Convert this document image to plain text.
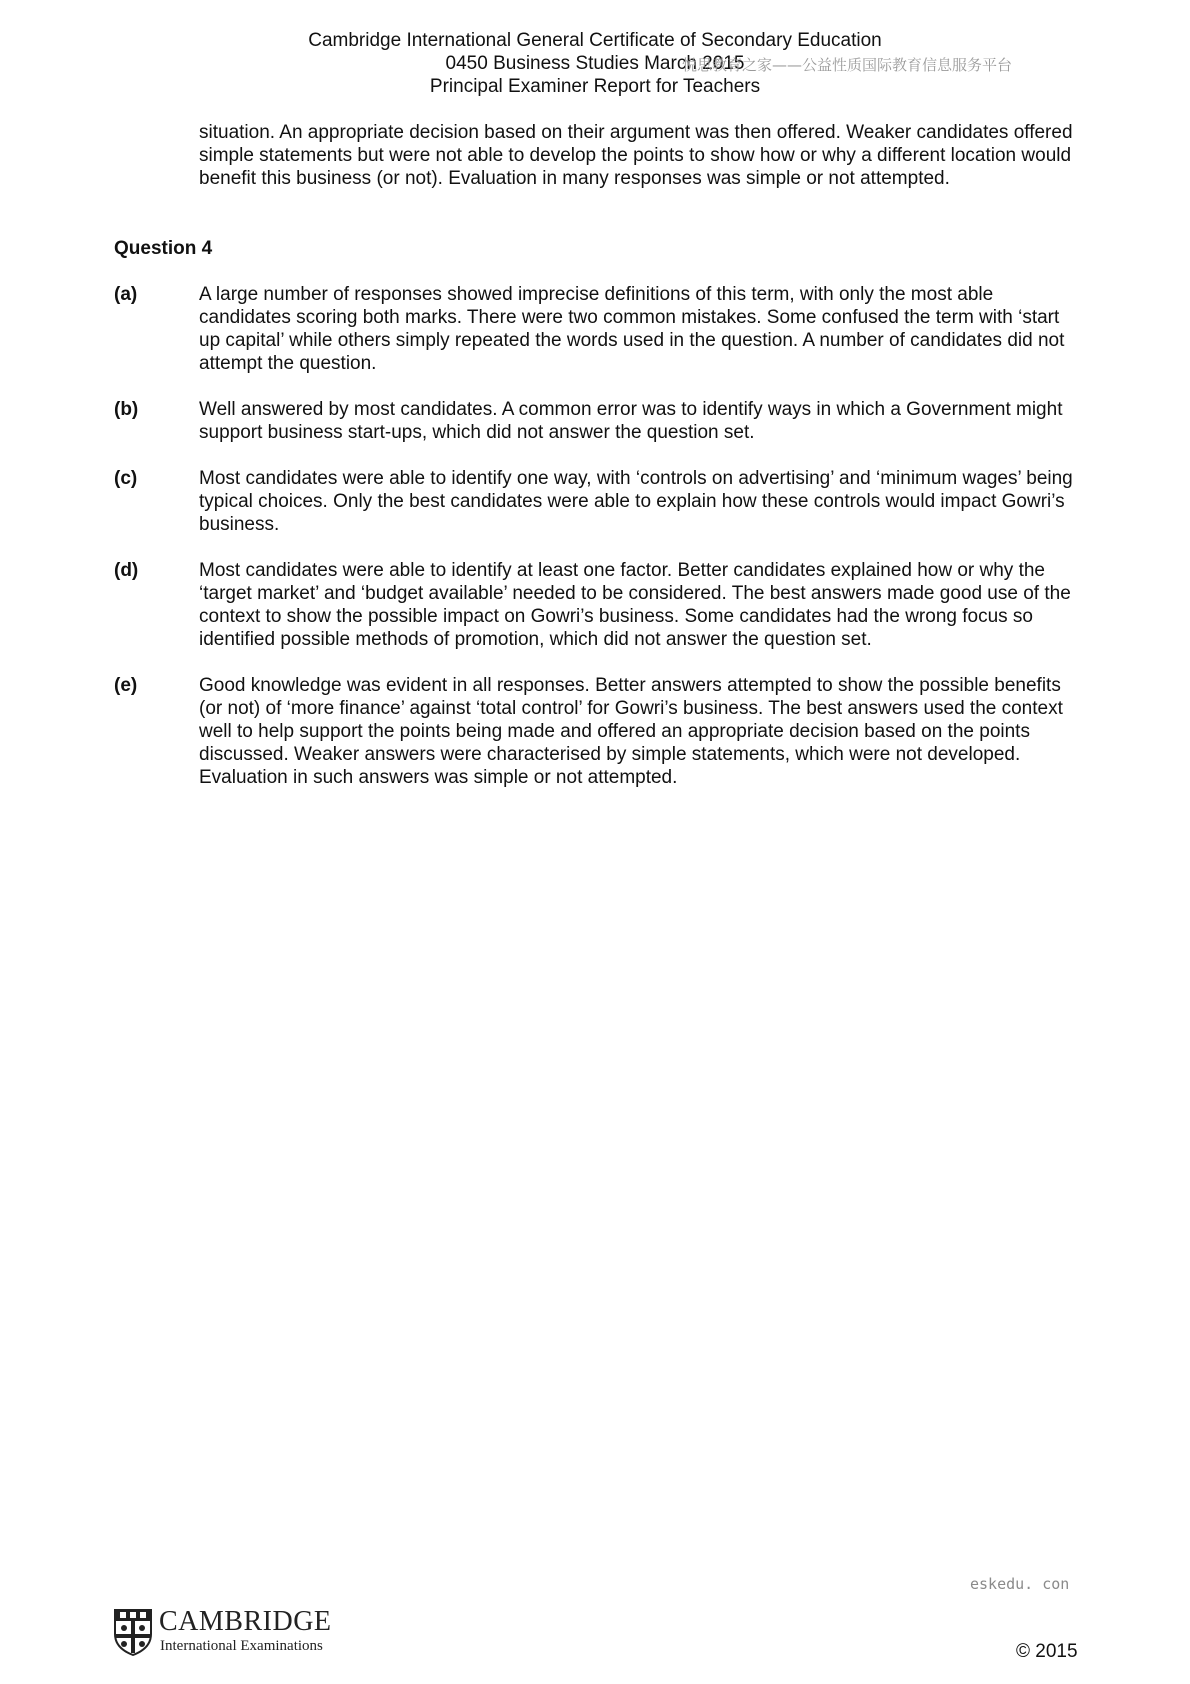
Cambridge International General Certificate of Secondary Education
0450 Business Studies March 2015
Principal Examiner Report for Teachers
悦思教育之家——公益性质国际教育信息服务平台
situation. An appropriate decision based on their argument was then offered. Weaker candidates offered simple statements but were not able to develop the points to show how or why a different location would benefit this business (or not). Evaluation in many responses was simple or not attempted.
Question 4
(a)	A large number of responses showed imprecise definitions of this term, with only the most able candidates scoring both marks. There were two common mistakes. Some confused the term with ‘start up capital’ while others simply repeated the words used in the question. A number of candidates did not attempt the question.
(b)	Well answered by most candidates. A common error was to identify ways in which a Government might support business start-ups, which did not answer the question set.
(c)	Most candidates were able to identify one way, with ‘controls on advertising’ and ‘minimum wages’ being typical choices. Only the best candidates were able to explain how these controls would impact Gowri’s business.
(d)	Most candidates were able to identify at least one factor. Better candidates explained how or why the ‘target market’ and ‘budget available’ needed to be considered. The best answers made good use of the context to show the possible impact on Gowri’s business. Some candidates had the wrong focus so identified possible methods of promotion, which did not answer the question set.
(e)	Good knowledge was evident in all responses. Better answers attempted to show the possible benefits (or not) of ‘more finance’ against ‘total control’ for Gowri’s business. The best answers used the context well to help support the points being made and offered an appropriate decision based on the points discussed. Weaker answers were characterised by simple statements, which were not developed. Evaluation in such answers was simple or not attempted.
eskedu. con
CAMBRIDGE
International Examinations	© 2015
